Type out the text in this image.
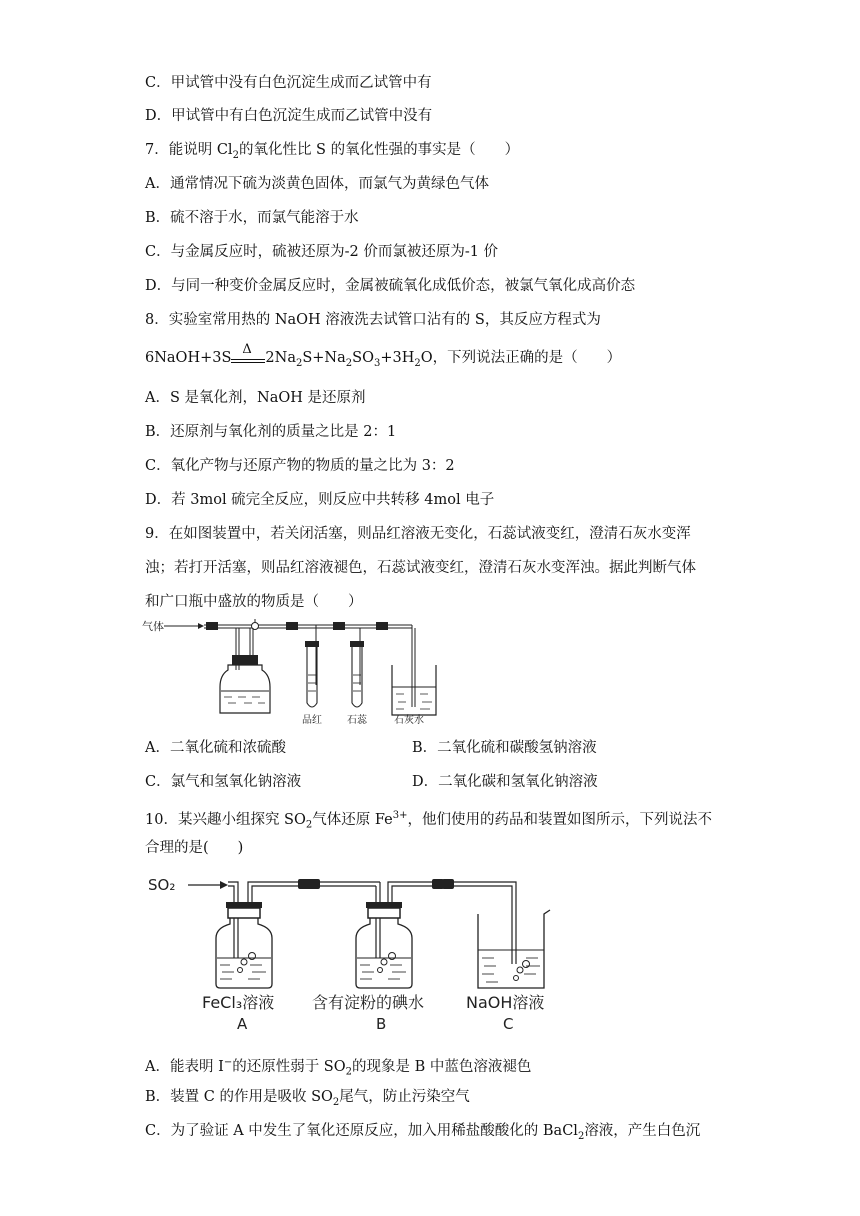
C．甲试管中没有白色沉淀生成而乙试管中有
D．甲试管中有白色沉淀生成而乙试管中没有
7．能说明 $Cl_2$的氧化性比 S 的氧化性强的事实是（　　）
A．通常情况下硫为淡黄色固体，而氯气为黄绿色气体
B．硫不溶于水，而氯气能溶于水
C．与金属反应时，硫被还原为-2 价而氯被还原为-1 价
D．与同一种变价金属反应时，金属被硫氧化成低价态，被氯气氧化成高价态
8．实验室常用热的 NaOH 溶液洗去试管口沾有的 S，其反应方程式为
6NaOH+3S
Δ
$2Na_2S+Na_2SO_3+3H_2O$，下列说法正确的是（　　）
A．S 是氧化剂，NaOH 是还原剂
B．还原剂与氧化剂的质量之比是 2：1
C．氧化产物与还原产物的物质的量之比为 3：2
D．若 3mol 硫完全反应，则反应中共转移 4mol 电子
9．在如图装置中，若关闭活塞，则品红溶液无变化，石蕊试液变红，澄清石灰水变浑
浊；若打开活塞，则品红溶液褪色，石蕊试液变红，澄清石灰水变浑浊。据此判断气体
和广口瓶中盛放的物质是（　　）
气体
品红	石蕊	石灰水
A．二氧化硫和浓硫酸	B．二氧化硫和碳酸氢钠溶液
C．氯气和氢氧化钠溶液	D．二氧化碳和氢氧化钠溶液
10．某兴趣小组探究 $SO_2$气体还原 $Fe^{3+}$，他们使用的药品和装置如图所示，下列说法不
合理的是(　　)
SO₂
FeCl₃溶液 含有淀粉的碘水	NaOH溶液
A	B	C
A．能表明 I−的还原性弱于 $SO_2$的现象是 B 中蓝色溶液褪色
B．装置 C 的作用是吸收 $SO_2$尾气，防止污染空气
C．为了验证 A 中发生了氧化还原反应，加入用稀盐酸酸化的 BaCl$_2$溶液，产生白色沉
